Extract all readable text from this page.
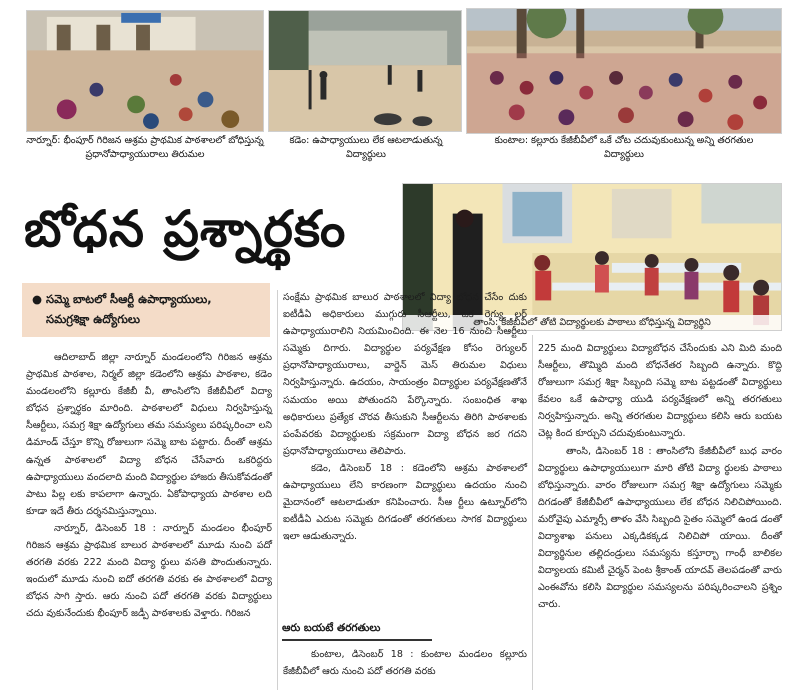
నార్నూర్: భీంపూర్ గిరిజన ఆశ్రమ ప్రాథమిక పాఠశాలలో బోధిస్తున్న ప్రధానోపాధ్యాయురాలు తిరుమల
కడెం: ఉపాధ్యాయులు లేక ఆటలాడుతున్న విద్యార్థులు
కుంటాల: కల్లూరు కేజీబీవీలో ఒకే చోట చదువుకుంటున్న అన్ని తరగతుల విద్యార్థులు
బోధన ప్రశ్నార్థకం
తాంసి: కేజీబీవీలో తోటి విద్యార్థులకు పాఠాలు బోధిస్తున్న విద్యార్థిని
● సమ్మె బాటలో సీఆర్టీ ఉపాధ్యాయులు,
సమగ్రశిక్షా ఉద్యోగులు

ఆదిలాబాద్ జిల్లా నార్నూర్ మండలంలోని గిరిజన ఆశ్రమ ప్రాథమిక పాఠశాల, నిర్మల్ జిల్లా కడెంలోని ఆశ్రమ పాఠశాల, కడెం మండలంలోని కల్లూరు కేజీబీ వీ, తాంసిలోని కేజీబీవీలో విద్యా బోధన ప్రశ్నార్థకం మారింది. పాఠశాలలో విధులు నిర్వహిస్తున్న సీఆర్టీలు, సమగ్ర శిక్షా ఉద్యోగులు తమ సమస్యలు పరిష్కరించా లని డిమాండ్ చేస్తూ కొన్ని రోజులుగా సమ్మె బాట పట్టారు. దీంతో ఆశ్రమ ఉన్నత పాఠశాలలో విద్యా బోధన చేసేవారు ఒకరిద్దరు ఉపాధ్యాయులు వందలాది మంది విద్యార్థుల హాజరు తీసుకోవడంతో పాటు పిల్ల లకు కాపలాగా ఉన్నారు. ఏకోపాధ్యాయ పాఠశాల లది కూడా ఇదే తీరు దర్శనమిస్తున్నాయి.

నార్నూర్, డిసెంబర్ 18 : నార్నూర్ మండలం భీంపూర్ గిరిజన ఆశ్రమ ప్రాథమిక బాలుర పాఠశాలలో మూడు నుంచి పదో తరగతి వరకు 222 మంది విద్యా ర్థులు వసతి పొందుతున్నారు. ఇందులో మూడు నుంచి ఐదో తరగతి వరకు ఈ పాఠశాలలో విద్యా బోధన సాగి స్తారు. ఆరు నుంచి పదో తరగతి వరకు విద్యార్థులు చదు వుకునేందుకు భీంపూర్ జడ్పీ పాఠశాలకు వెళ్తారు. గిరిజన

సంక్షేమ ప్రాథమిక బాలుర పాఠశాలలో విద్యా బోధన చేసేం దుకు ఐటీడీఏ అధికారులు ముగ్గురు సీఆర్టీలు, ఒక రెగ్యు లర్ ఉపాధ్యాయురాలిని నియమించింది. ఈ నెల 16 నుంచి సీఆర్టీలు సమ్మెకు దిగారు. విద్యార్థుల పర్యవేక్షణ కోసం రెగ్యులర్ ప్రధానోపాధ్యాయురాలు, వార్డెన్ మెస్ తిరుమల విధులు నిర్వహిస్తున్నారు. ఉదయం, సాయంత్రం విద్యార్థుల పర్యవేక్షణతోనే సమయం అయి పోతుందని పేర్కొన్నారు. సంబంధిత శాఖ అధికారులు ప్రత్యేక చొరవ తీసుకుని సీఆర్టీలను తిరిగి పాఠశాలకు పంపేవరకు విద్యార్థులకు సక్రమంగా విద్యా బోధన జర గదని ప్రధానోపాధ్యాయురాలు తెలిపారు.

కడెం, డిసెంబర్ 18 : కడెంలోని ఆశ్రమ పాఠశాలలో ఉపాధ్యాయులు లేని కారణంగా విద్యార్థులు ఉదయం నుంచి మైదానంలో ఆటలాడుతూ కనిపించారు. సీఆ ర్టీలు ఉట్నూర్‌లోని ఐటీడీఏ ఎదుట సమ్మెకు దిగడంతో తరగతులు సాగక విద్యార్థులు ఇలా ఆడుతున్నారు.

ఆరు బయటే తరగతులు

కుంటాల, డిసెంబర్ 18 : కుంటాల మండలం కల్లూరు కేజీబీవీలో ఆరు నుంచి పదో తరగతి వరకు

225 మంది విద్యార్థులు విద్యాబోధన చేసేందుకు ఎని మిది మంది సీఆర్టీలు, తొమ్మిది మంది బోధనేతర సిబ్బంది ఉన్నారు. కొద్ది రోజులుగా సమగ్ర శిక్షా సిబ్బంది సమ్మె బాట పట్టడంతో విద్యార్థులు కేవలం ఒకే ఉపాధ్యా యుడి పర్యవేక్షణలో అన్ని తరగతులు నిర్వహిస్తున్నారు. అన్ని తరగతుల విద్యార్థులు కలిసి ఆరు బయట చెట్ల కింద కూర్చుని చదువుకుంటున్నారు.

తాంసి, డిసెంబర్ 18 : తాంసిలోని కేజీబీవీలో బుధ వారం విద్యార్థులు ఉపాధ్యాయులుగా మారి తోటి విద్యా ర్థులకు పాఠాలు బోధిస్తున్నారు. వారం రోజులుగా సమగ్ర శిక్షా ఉద్యోగులు సమ్మెకు దిగడంతో కేజీబీవీలో ఉపాధ్యాయులు లేక బోధన నిలిచిపోయింది. మరోవైపు ఎమ్మార్సీ తాళం వేసి సిబ్బంది సైతం సమ్మెలో ఉండ డంతో విద్యాశాఖ పనులు ఎక్కడికక్కడ నిలిచిపో యాయి. దీంతో విద్యార్థినుల తల్లిదండ్రులు సమస్యను కస్తూర్బా గాంధీ బాలికల విద్యాలయ కమిటీ చైర్మన్ పెంట శ్రీకాంత్ యాదవ్ తెలపడంతో వారు ఎంఈవోను కలిసి విద్యార్థుల సమస్యలను పరిష్కరించాలని ప్రశ్నిం చారు.
